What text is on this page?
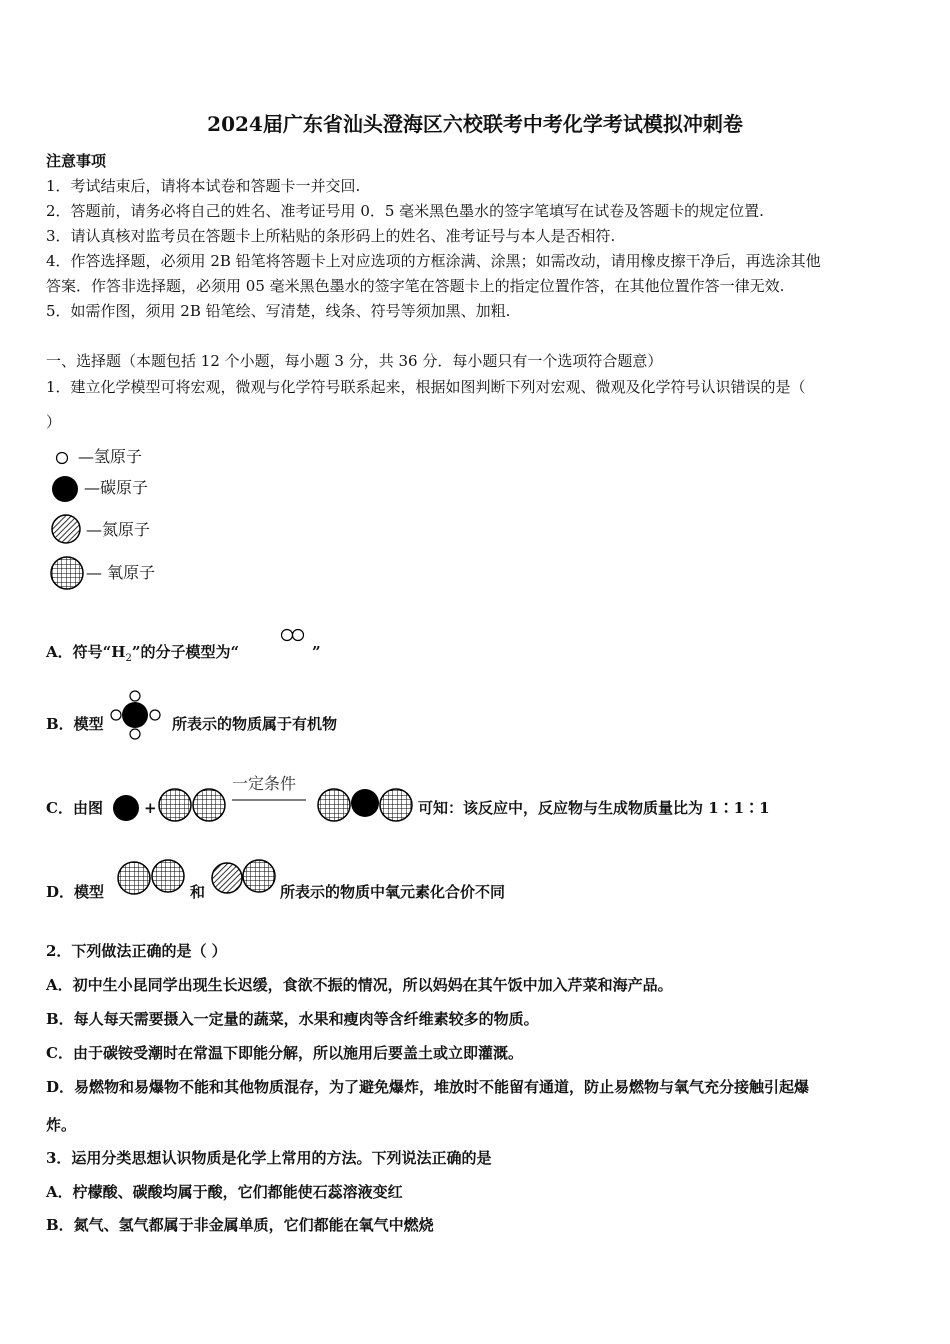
2024届广东省汕头澄海区六校联考中考化学考试模拟冲刺卷
注意事项
1．考试结束后，请将本试卷和答题卡一并交回.
2．答题前，请务必将自己的姓名、准考证号用 0．5 毫米黑色墨水的签字笔填写在试卷及答题卡的规定位置.
3．请认真核对监考员在答题卡上所粘贴的条形码上的姓名、准考证号与本人是否相符.
4．作答选择题，必须用 2B 铅笔将答题卡上对应选项的方框涂满、涂黑；如需改动，请用橡皮擦干净后，再选涂其他
答案．作答非选择题，必须用 05 毫米黑色墨水的签字笔在答题卡上的指定位置作答，在其他位置作答一律无效.
5．如需作图，须用 2B 铅笔绘、写清楚，线条、符号等须加黑、加粗.
一、选择题（本题包括 12 个小题，每小题 3 分，共 36 分．每小题只有一个选项符合题意）
1．建立化学模型可将宏观，微观与化学符号联系起来，根据如图判断下列对宏观、微观及化学符号认识错误的是（
）
—氢原子
—碳原子
—氮原子
— 氧原子
A．符号“$H_2$”的分子模型为“	”
B．模型	所表示的物质属于有机物
C．由图	+
一定条件
可知：该反应中，反应物与生成物质量比为 1∶1∶1
D．模型	和	所表示的物质中氧元素化合价不同
2．下列做法正确的是（ ）
A．初中生小昆同学出现生长迟缓，食欲不振的情况，所以妈妈在其午饭中加入芹菜和海产品。
B．每人每天需要摄入一定量的蔬菜，水果和瘦肉等含纤维素较多的物质。
C．由于碳铵受潮时在常温下即能分解，所以施用后要盖土或立即灌溉。
D．易燃物和易爆物不能和其他物质混存，为了避免爆炸，堆放时不能留有通道，防止易燃物与氧气充分接触引起爆
炸。
3．运用分类思想认识物质是化学上常用的方法。下列说法正确的是
A．柠檬酸、碳酸均属于酸，它们都能使石蕊溶液变红
B．氮气、氢气都属于非金属单质，它们都能在氧气中燃烧
